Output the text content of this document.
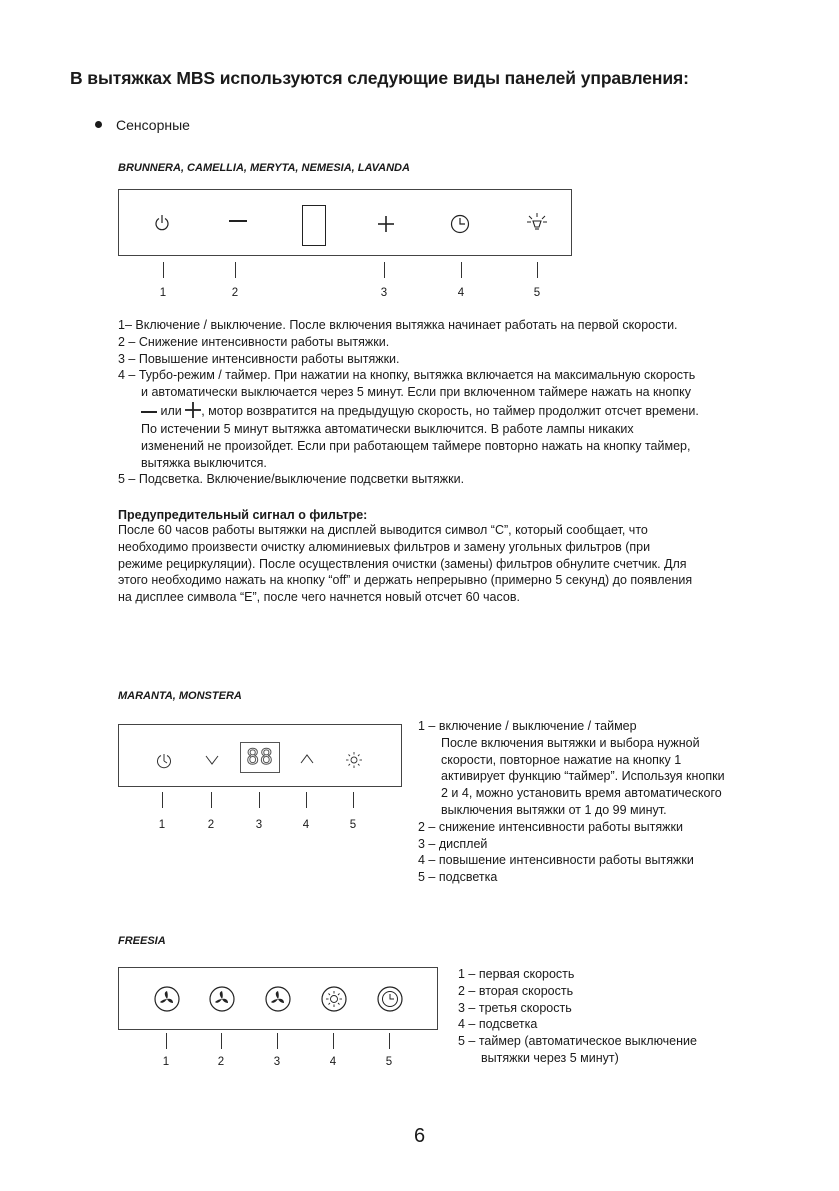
В вытяжках MBS используются следующие виды панелей управления:
Сенсорные
BRUNNERA, CAMELLIA, MERYTA, NEMESIA, LAVANDA
1	2	3	4	5
1– Включение / выключение. После включения вытяжка начинает работать на первой скорости.
2 – Снижение интенсивности работы вытяжки.
3 – Повышение интенсивности работы вытяжки.
4 – Турбо-режим / таймер. При нажатии на кнопку, вытяжка включается на максимальную скорость
и автоматически выключается через 5 минут. Если при включенном таймере нажать на кнопку
или , мотор возвратится на предыдущую скорость, но таймер продолжит отсчет времени.
По истечении 5 минут вытяжка автоматически выключится. В работе лампы никаких
изменений не произойдет. Если при работающем таймере повторно нажать на кнопку таймер,
вытяжка выключится.
5 – Подсветка. Включение/выключение подсветки вытяжки.
Предупредительный сигнал о фильтре:
После 60 часов работы вытяжки на дисплей выводится символ “C”, который сообщает, что
необходимо произвести очистку алюминиевых фильтров и замену угольных фильтров (при
режиме рециркуляции). После осуществления очистки (замены) фильтров обнулите счетчик. Для
этого необходимо нажать на кнопку “off” и держать непрерывно (примерно 5 секунд) до появления
на дисплее символа “E”, после чего начнется новый отсчет 60 часов.
MARANTA, MONSTERA
88
1	2	3	4	5
1 – включение / выключение / таймер
После включения вытяжки и выбора нужной
скорости, повторное нажатие на кнопку 1
активирует функцию “таймер”. Используя кнопки
2 и 4, можно установить время автоматического
выключения вытяжки от 1 до 99 минут.
2 – снижение интенсивности работы вытяжки
3 – дисплей
4 – повышение интенсивности работы вытяжки
5 – подсветка
FREESIA
1	2	3	4	5
1 – первая скорость
2 – вторая скорость
3 – третья скорость
4 – подсветка
5 – таймер (автоматическое выключение
вытяжки через 5 минут)
6
